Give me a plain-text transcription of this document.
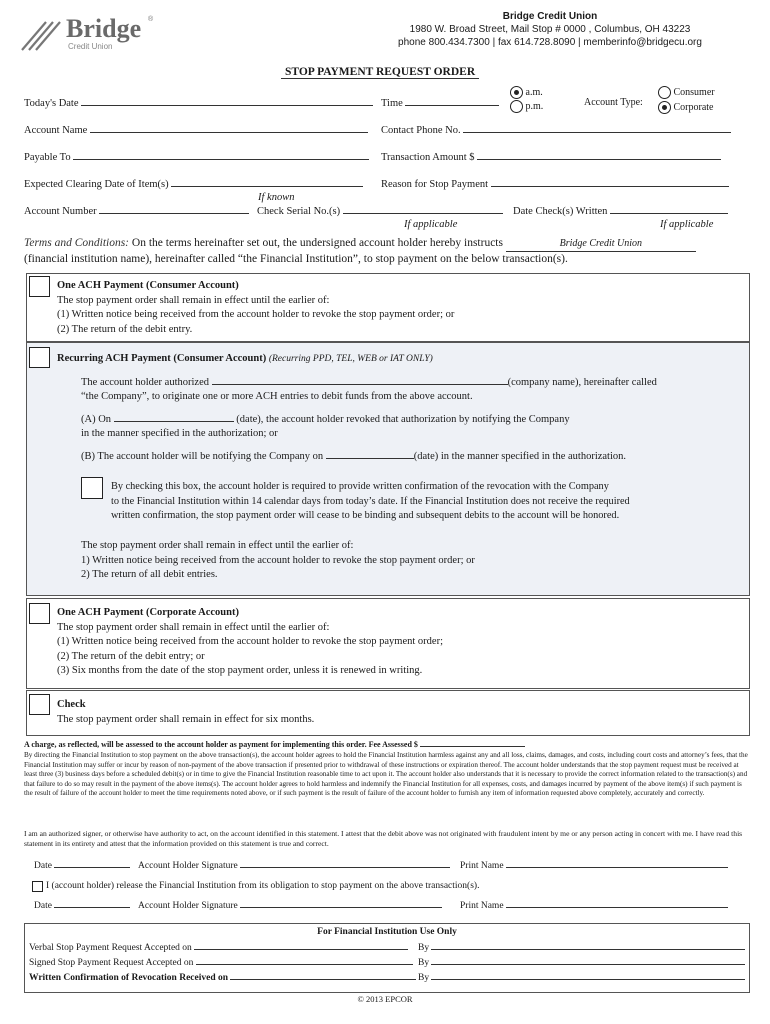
Bridge ®
Credit Union
Bridge Credit Union
1980 W. Broad Street, Mail Stop # 0000 , Columbus, OH 43223
phone 800.434.7300 | fax 614.728.8090 | memberinfo@bridgecu.org
STOP PAYMENT REQUEST ORDER
Today's Date	Time
a.m.
p.m.	Account Type:
Consumer
Corporate
Account Name	Contact Phone No.
Payable To	Transaction Amount $
Expected Clearing Date of Item(s)
If known
Reason for Stop Payment
Account Number	Check Serial No.(s)	Date Check(s) Written
If applicable	If applicable
Terms and Conditions: On the terms hereinafter set out, the undersigned account holder hereby instructs	Bridge Credit Union
(financial institution name), hereinafter called “the Financial Institution”, to stop payment on the below transaction(s).
One ACH Payment (Consumer Account)
The stop payment order shall remain in effect until the earlier of:
(1) Written notice being received from the account holder to revoke the stop payment order; or
(2) The return of the debit entry.
Recurring ACH Payment (Consumer Account) (Recurring PPD, TEL, WEB or IAT ONLY)
The account holder authorized	(company name), hereinafter called
“the Company”, to originate one or more ACH entries to debit funds from the above account.
(A) On	(date), the account holder revoked that authorization by notifying the Company
in the manner specified in the authorization; or
(B) The account holder will be notifying the Company on	(date) in the manner specified in the authorization.
By checking this box, the account holder is required to provide written confirmation of the revocation with the Company
to the Financial Institution within 14 calendar days from today’s date. If the Financial Institution does not receive the required
written confirmation, the stop payment order will cease to be binding and subsequent debits to the account will be honored.
The stop payment order shall remain in effect until the earlier of:
1) Written notice being received from the account holder to revoke the stop payment order; or
2) The return of all debit entries.
One ACH Payment (Corporate Account)
The stop payment order shall remain in effect until the earlier of:
(1) Written notice being received from the account holder to revoke the stop payment order;
(2) The return of the debit entry; or
(3) Six months from the date of the stop payment order, unless it is renewed in writing.
Check
The stop payment order shall remain in effect for six months.
A charge, as reflected, will be assessed to the account holder as payment for implementing this order. Fee Assessed $
By directing the Financial Institution to stop payment on the above transaction(s), the account holder agrees to hold the Financial Institution harmless against any and all loss, claims, damages, and costs, including court costs and attorney’s fees, that the Financial Institution may suffer or incur by reason of non-payment of the above transaction if presented prior to withdrawal of these instructions or expiration thereof. The account holder understands that the stop payment request must be received at least three (3) business days before a scheduled debit(s) or in time to give the Financial Institution reasonable time to act upon it. The account holder also understands that it is necessary to provide the correct information related to the transaction(s) and that failure to do so may result in the payment of the above items(s). The account holder agrees to hold harmless and indemnify the Financial Institution for all expenses, costs, and damages incurred by payment of the above item(s) if such payment is the result of failure of the account holder to meet the time requirements noted above, or if such payment is the result of failure of the account holder to furnish any item of information requested above completely, accurately and correctly.
I am an authorized signer, or otherwise have authority to act, on the account identified in this statement. I attest that the debit above was not originated with fraudulent intent by me or any person acting in concert with me. I have read this statement in its entirety and attest that the information provided on this statement is true and correct.
Date	Account Holder Signature	Print Name
I (account holder) release the Financial Institution from its obligation to stop payment on the above transaction(s).
Date	Account Holder Signature	Print Name
For Financial Institution Use Only
Verbal Stop Payment Request Accepted on	By
Signed Stop Payment Request Accepted on	By
Written Confirmation of Revocation Received on	By
© 2013 EPCOR
